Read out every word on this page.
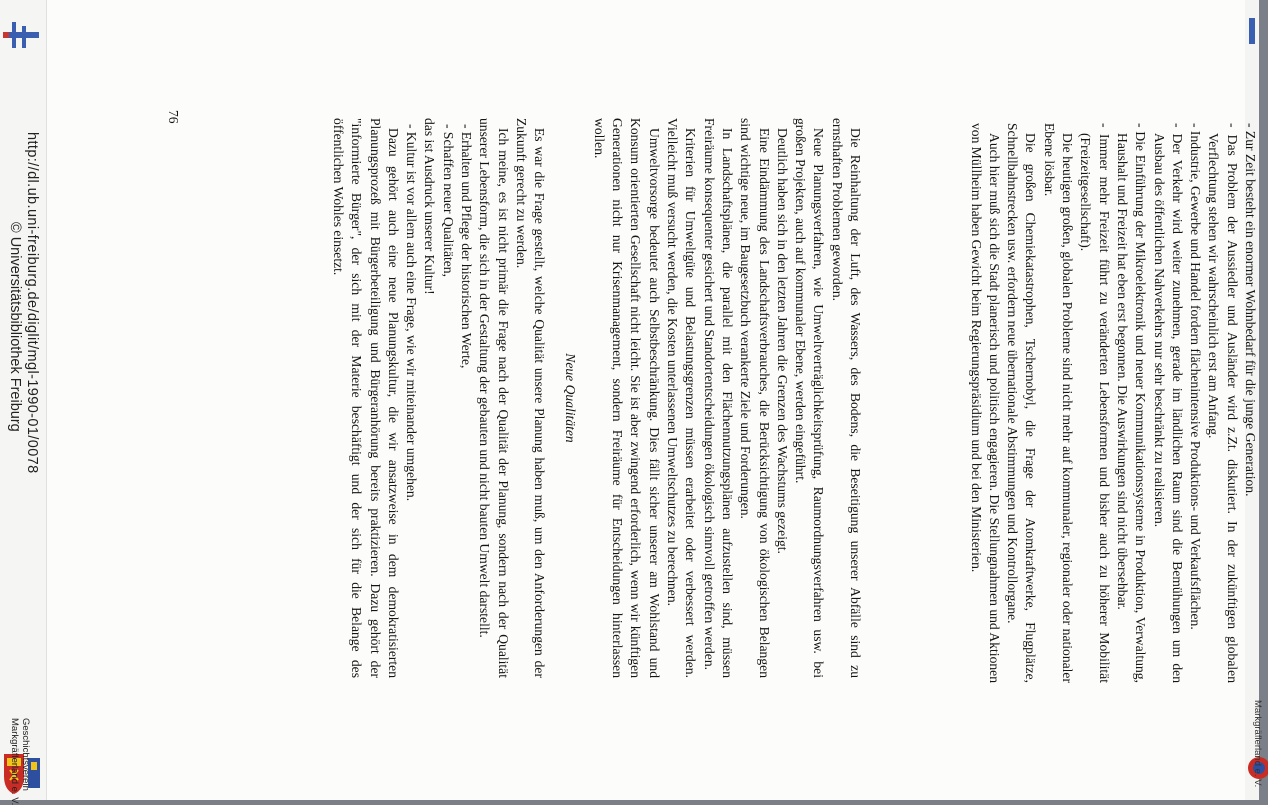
Markgräflerland e. V.

- Zur Zeit besteht ein enormer Wohnbedarf für die junge Generation.

- Das Problem der Aussiedler und Ausländer wird z.Zt. diskutiert. In der zukünftigen globalen Verflechtung stehen wir wahrscheinlich erst am Anfang.

- Industrie, Gewerbe und Handel fordern flächenintensive Produktions- und Verkaufsflächen.

- Der Verkehr wird weiter zunehmen, gerade im ländlichen Raum sind die Bemühungen um den Ausbau des öffentlichen Nahverkehrs nur sehr beschränkt zu realisieren.

- Die Einführung der Mikroelektronik und neuer Kommunikationssysteme in Produktion, Verwaltung, Haushalt und Freizeit hat eben erst begonnen. Die Auswirkungen sind nicht übersehbar.

- Immer mehr Freizeit führt zu veränderten Lebensformen und bisher auch zu höherer Mobilität (Freizeitgesellschaft).

Die heutigen großen, globalen Probleme sind nicht mehr auf kommunaler, regionaler oder nationaler Ebene lösbar.

Die großen Chemiekatastrophen, Tschernobyl, die Frage der Atomkraftwerke, Flugplätze, Schnellbahnstrecken usw. erfordern neue übernationale Abstimmungen und Kontrollorgane.

Auch hier muß sich die Stadt planerisch und politisch engagieren. Die Stellungnahmen und Aktionen von Müllheim haben Gewicht beim Regierungspräsidium und bei den Ministerien.

Die Reinhaltung der Luft, des Wassers, des Bodens, die Beseitigung unserer Abfälle sind zu ernsthaften Problemen geworden.

Neue Planungsverfahren, wie Umweltverträglichkeitsprüfung, Raumordnungsverfahren usw. bei großen Projekten, auch auf kommunaler Ebene, werden eingeführt.

Deutlich haben sich in den letzten Jahren die Grenzen des Wachstums gezeigt.

Eine Eindämmung des Landschaftsverbrauches, die Berücksichtigung von ökologischen Belangen sind wichtige neue, im Baugesetzbuch verankerte Ziele und Forderungen.

In Landschaftsplänen, die parallel mit den Flächennutzungsplänen aufzustellen sind, müssen Freiräume konsequenter gesichert und Standortentscheidungen ökologisch sinnvoll getroffen werden.

Kriterien für Umweltgüte und Belastungsgrenzen müssen erarbeitet oder verbessert werden. Vielleicht muß versucht werden, die Kosten unterlassenen Umweltschutzes zu berechnen.

Umweltvorsorge bedeutet auch Selbstbeschränkung. Dies fällt sicher unserer am Wohlstand und Konsum orientierten Gesellschaft nicht leicht. Sie ist aber zwingend erforderlich, wenn wir künftigen Generationen nicht nur Krisenmanagement, sondern Freiräume für Entscheidungen hinterlassen wollen.

Neue Qualitäten

Es war die Frage gestellt, welche Qualität unsere Planung haben muß, um den Anforderungen der Zukunft gerecht zu werden.

Ich meine, es ist nicht primär die Frage nach der Qualität der Planung, sondern nach der Qualität unserer Lebensform, die sich in der Gestaltung der gebauten und nicht bauten Umwelt darstellt.

- Erhalten und Pflege der historischen Werte,

- Schaffen neuer Qualitäten,

das ist Ausdruck unserer Kultur!

- Kultur ist vor allem auch eine Frage, wie wir miteinander umgehen.

Dazu gehört auch eine neue Planungskultur, die wir ansatzweise in dem demokratisierten Planungsprozeß mit Bürgerbeteiligung und Bürgeranhörung bereits praktizieren. Dazu gehört der "informierte Bürger", der sich mit der Materie beschäftigt und der sich für die Belange des öffentlichen Wohles einsetzt.

76
http://dl.ub.uni-freiburg.de/diglit/mgl-1990-01/0078
© Universitätsbibliothek Freiburg
Geschichtsverein
Markgräflerland e. V.
